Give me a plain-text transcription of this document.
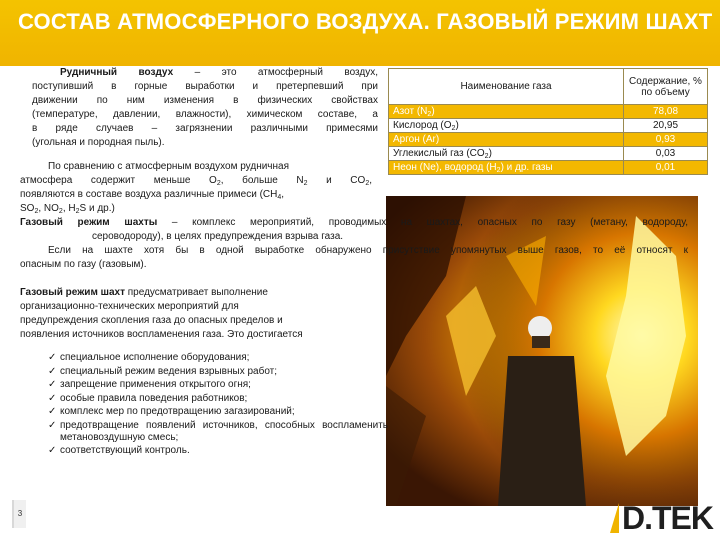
СОСТАВ АТМОСФЕРНОГО ВОЗДУХА. ГАЗОВЫЙ РЕЖИМ ШАХТ
Рудничный воздух – это атмосферный воздух,
поступивший в горные выработки и претерпевший при
движении по ним изменения в физических свойствах
(температуре, давлении, влажности), химическом составе, а
в ряде случаев – загрязнении различными примесями
(угольная и породная пыль).
Наименование газа	Содержание, % по объему
Азот $(N_2)$	78,08
Кислород $(O_2)$	20,95
Аргон (Ar)	0,93
Углекислый газ $(CO_2)$	0,03
Неон (Ne), водород $(H_2)$ и др. газы	0,01
По сравнению с атмосферным воздухом рудничная
атмосфера содержит меньше $O_2$, больше $N_2$ и $CO_2$,
появляются в составе воздуха различные примеси ($CH_4$,
$SO_2$, $NO_2$, $H_2S$ и др.)
Газовый режим шахты – комплекс мероприятий, проводимых на шахтах, опасных по газу (метану, водороду,
сероводороду), в целях предупреждения взрыва газа.
Если на шахте хотя бы в одной выработке обнаружено присутствие упомянутых выше газов, то её относят к
опасным по газу (газовым).
Газовый режим шахт предусматривает выполнение
организационно-технических мероприятий для
предупреждения скопления газа до опасных пределов и
появления источников воспламенения газа. Это достигается
✓ специальное исполнение оборудования;
✓ специальный режим ведения взрывных работ;
✓ запрещение применения открытого огня;
✓ особые правила поведения работников;
✓ комплекс мер по предотвращению загазирований;
✓ предотвращение появлений источников, способных воспламенить метановоздушную смесь;
✓ соответствующий контроль.
3	D.TEK
